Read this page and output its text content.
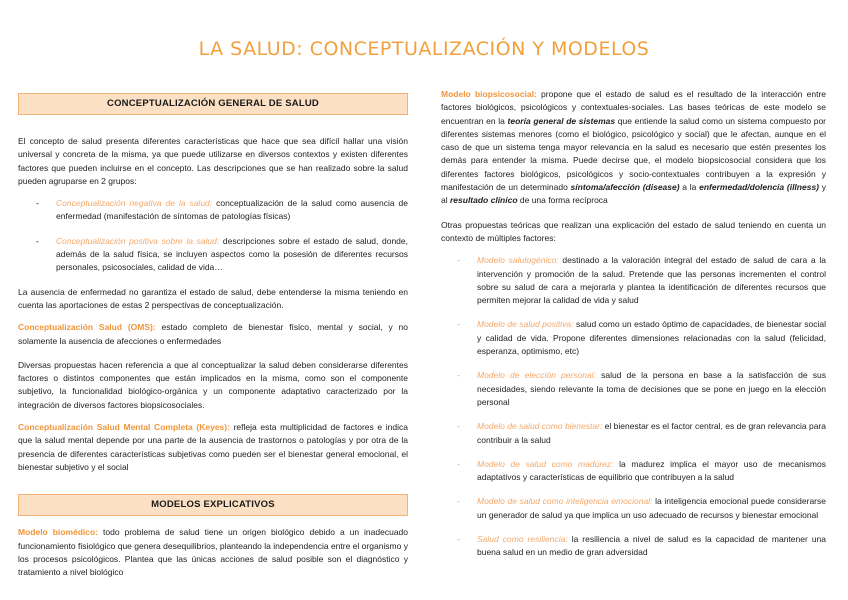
LA SALUD: CONCEPTUALIZACIÓN Y MODELOS
CONCEPTUALIZACIÓN GENERAL DE SALUD

El concepto de salud presenta diferentes características que hace que sea difícil hallar una visión universal y concreta de la misma, ya que puede utilizarse en diversos contextos y existen diferentes factores que pueden incluirse en el concepto. Las descripciones que se han realizado sobre la salud pueden agruparse en 2 grupos:

- Conceptualización negativa de la salud: conceptualización de la salud como ausencia de enfermedad (manifestación de síntomas de patologías físicas)

- Conceptualización positiva sobre la salud: descripciones sobre el estado de salud, donde, además de la salud física, se incluyen aspectos como la posesión de diferentes recursos personales, psicosociales, calidad de vida…

La ausencia de enfermedad no garantiza el estado de salud, debe entenderse la misma teniendo en cuenta las aportaciones de estas 2 perspectivas de conceptualización.

Conceptualización Salud (OMS): estado completo de bienestar físico, mental y social, y no solamente la ausencia de afecciones o enfermedades

Diversas propuestas hacen referencia a que al conceptualizar la salud deben considerarse diferentes factores o distintos componentes que están implicados en la misma, como son el componente subjetivo, la funcionalidad biológico-orgánica y un componente adaptativo caracterizado por la integración de diversos factores biopsicosociales.

Conceptualización Salud Mental Completa (Keyes): refleja esta multiplicidad de factores e indica que la salud mental depende por una parte de la ausencia de trastornos o patologías y por otra de la presencia de diferentes características subjetivas como pueden ser el bienestar general emocional, el bienestar subjetivo y el social

MODELOS EXPLICATIVOS

Modelo biomédico: todo problema de salud tiene un origen biológico debido a un inadecuado funcionamiento fisiológico que genera desequilibrios, planteando la independencia entre el organismo y los procesos psicológicos. Plantea que las únicas acciones de salud posible son el diagnóstico y tratamiento a nivel biológico

Modelo biopsicosocial: propone que el estado de salud es el resultado de la interacción entre factores biológicos, psicológicos y contextuales-sociales. Las bases teóricas de este modelo se encuentran en la teoría general de sistemas que entiende la salud como un sistema compuesto por diferentes sistemas menores (como el biológico, psicológico y social) que le afectan, aunque en el caso de que un sistema tenga mayor relevancia en la salud es necesario que estén presentes los demás para entender la misma. Puede decirse que, el modelo biopsicosocial considera que los diferentes factores biológicos, psicológicos y socio-contextuales contribuyen a la expresión y manifestación de un determinado síntoma/afección (disease) a la enfermedad/dolencia (illness) y al resultado clínico de una forma recíproca

Otras propuestas teóricas que realizan una explicación del estado de salud teniendo en cuenta un contexto de múltiples factores:

- Modelo salutogénico: destinado a la valoración integral del estado de salud de cara a la intervención y promoción de la salud. Pretende que las personas incrementen el control sobre su salud de cara a mejorarla y plantea la identificación de diferentes recursos que permiten mejorar la calidad de vida y salud

- Modelo de salud positiva: salud como un estado óptimo de capacidades, de bienestar social y calidad de vida. Propone diferentes dimensiones relacionadas con la salud (felicidad, esperanza, optimismo, etc)

- Modelo de elección personal: salud de la persona en base a la satisfacción de sus necesidades, siendo relevante la toma de decisiones que se pone en juego en la elección personal

- Modelo de salud como bienestar: el bienestar es el factor central, es de gran relevancia para contribuir a la salud

- Modelo de salud como madurez: la madurez implica el mayor uso de mecanismos adaptativos y características de equilibrio que contribuyen a la salud

- Modelo de salud como inteligencia emocional: la inteligencia emocional puede considerarse un generador de salud ya que implica un uso adecuado de recursos y bienestar emocional

- Salud como resiliencia: la resiliencia a nivel de salud es la capacidad de mantener una buena salud en un medio de gran adversidad
